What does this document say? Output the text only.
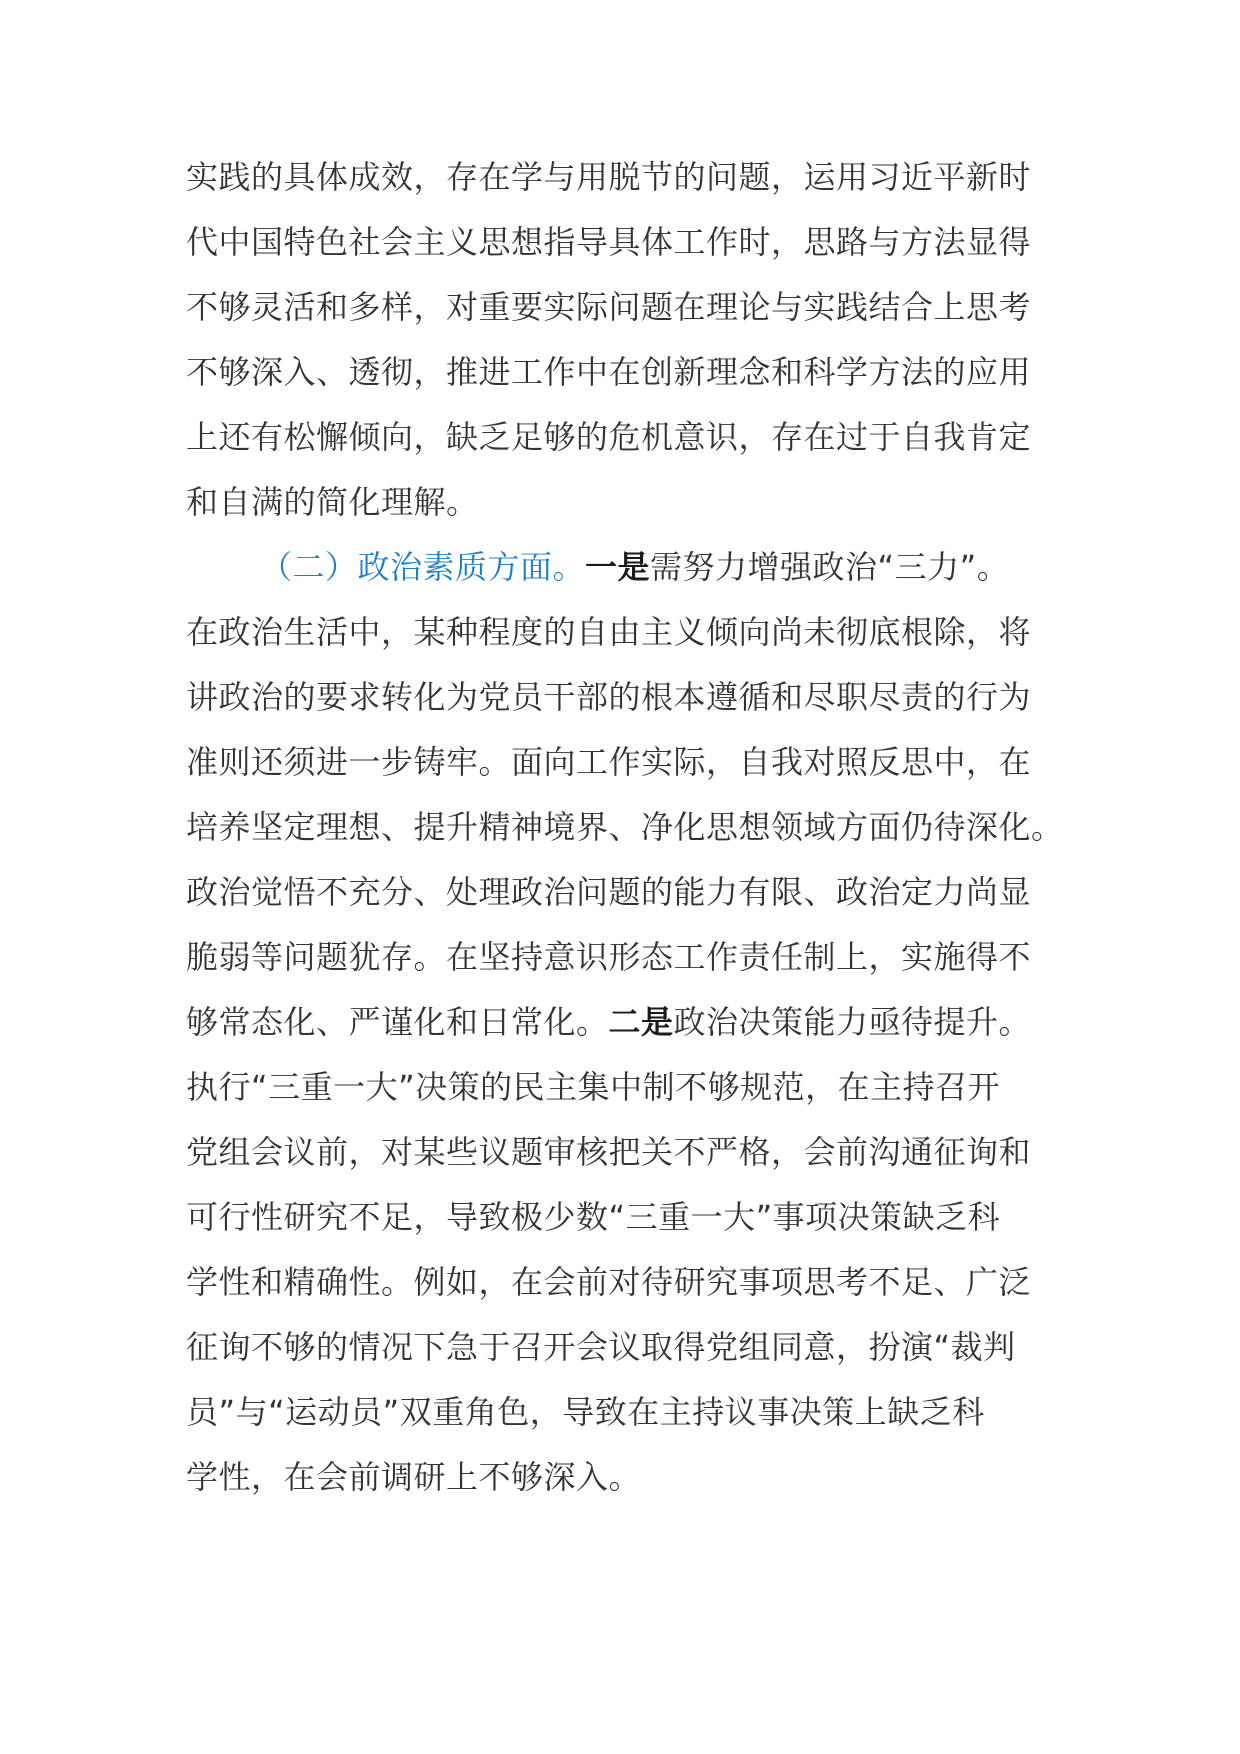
实践的具体成效，存在学与用脱节的问题，运用习近平新时
代中国特色社会主义思想指导具体工作时，思路与方法显得
不够灵活和多样，对重要实际问题在理论与实践结合上思考
不够深入、透彻，推进工作中在创新理念和科学方法的应用
上还有松懈倾向，缺乏足够的危机意识，存在过于自我肯定
和自满的简化理解。
（二）政治素质方面。一是需努力增强政治“三力”。
在政治生活中，某种程度的自由主义倾向尚未彻底根除，将
讲政治的要求转化为党员干部的根本遵循和尽职尽责的行为
准则还须进一步铸牢。面向工作实际，自我对照反思中，在
培养坚定理想、提升精神境界、净化思想领域方面仍待深化。
政治觉悟不充分、处理政治问题的能力有限、政治定力尚显
脆弱等问题犹存。在坚持意识形态工作责任制上，实施得不
够常态化、严谨化和日常化。二是政治决策能力亟待提升。
执行“三重一大”决策的民主集中制不够规范，在主持召开
党组会议前，对某些议题审核把关不严格，会前沟通征询和
可行性研究不足，导致极少数“三重一大”事项决策缺乏科
学性和精确性。例如，在会前对待研究事项思考不足、广泛
征询不够的情况下急于召开会议取得党组同意，扮演“裁判
员”与“运动员”双重角色，导致在主持议事决策上缺乏科
学性，在会前调研上不够深入。
